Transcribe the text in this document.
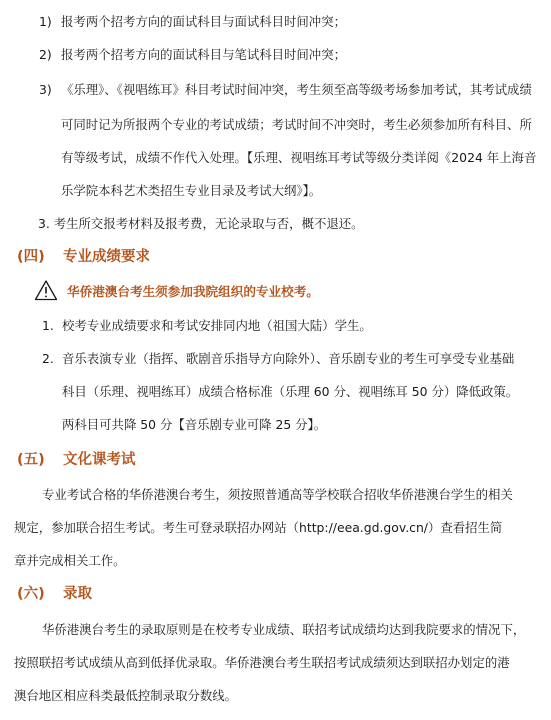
1) 报考两个招考方向的面试科目与面试科目时间冲突；
2) 报考两个招考方向的面试科目与笔试科目时间冲突；
3) 《乐理》、《视唱练耳》科目考试时间冲突，考生须至高等级考场参加考试，其考试成绩
可同时记为所报两个专业的考试成绩；考试时间不冲突时，考生必须参加所有科目、所
有等级考试，成绩不作代入处理。【乐理、视唱练耳考试等级分类详阅《2024 年上海音
乐学院本科艺术类招生专业目录及考试大纲》】。
3. 考生所交报考材料及报考费，无论录取与否，概不退还。
(四) 专业成绩要求
华侨港澳台考生须参加我院组织的专业校考。
1. 校考专业成绩要求和考试安排同内地（祖国大陆）学生。
2. 音乐表演专业（指挥、歌剧音乐指导方向除外）、音乐剧专业的考生可享受专业基础
科目（乐理、视唱练耳）成绩合格标准（乐理 60 分、视唱练耳 50 分）降低政策。
两科目可共降 50 分【音乐剧专业可降 25 分】。
(五) 文化课考试
专业考试合格的华侨港澳台考生，须按照普通高等学校联合招收华侨港澳台学生的相关
规定，参加联合招生考试。考生可登录联招办网站（http://eea.gd.gov.cn/）查看招生简
章并完成相关工作。
(六) 录取
华侨港澳台考生的录取原则是在校考专业成绩、联招考试成绩均达到我院要求的情况下，
按照联招考试成绩从高到低择优录取。华侨港澳台考生联招考试成绩须达到联招办划定的港
澳台地区相应科类最低控制录取分数线。
